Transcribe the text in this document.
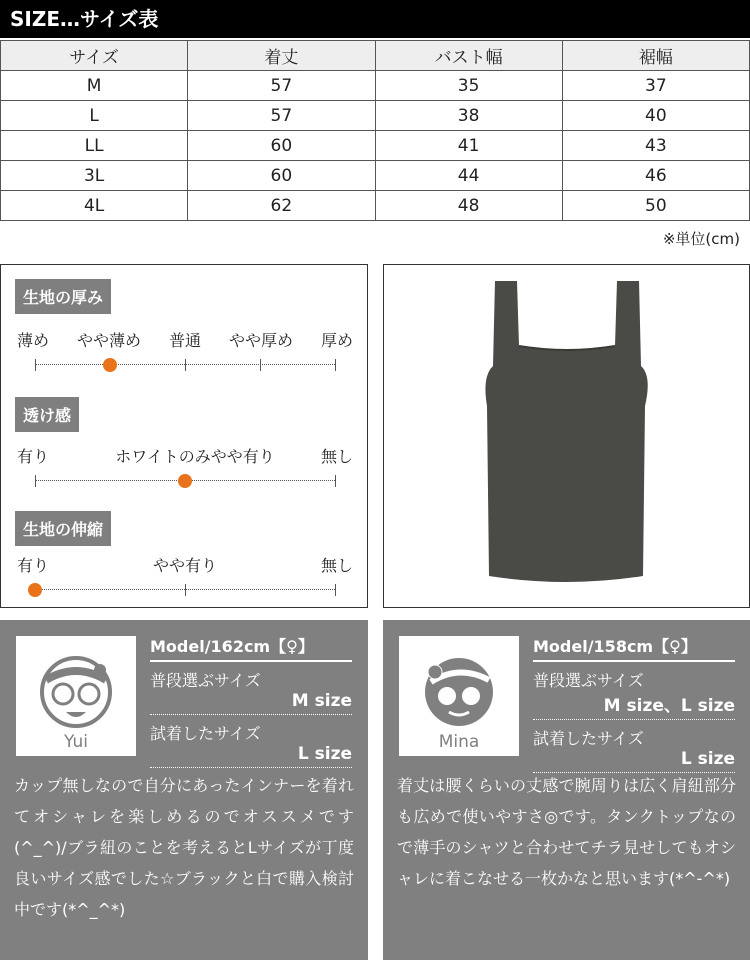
SIZE…サイズ表
サイズ	着丈	バスト幅	裾幅
M	57	35	37
L	57	38	40
LL	60	41	43
3L	60	44	46
4L	62	48	50
※単位(cm)
生地の厚み
薄め やや薄め 普通 やや厚め 厚め
透け感
有り	ホワイトのみやや有り	無し
生地の伸縮
有り	やや有り	無し
Yui
Model/162cm【♀】
普段選ぶサイズ
M size
試着したサイズ
L size
カップ無しなので自分にあったインナーを着れてオシャレを楽しめるのでオススメです(^_^)/ブラ紐のことを考えるとLサイズが丁度良いサイズ感でした☆ブラックと白で購入検討中です(*^_^*)
Mina
Model/158cm【♀】
普段選ぶサイズ
M size、L size
試着したサイズ
L size
着丈は腰くらいの丈感で腕周りは広く肩紐部分も広めで使いやすさ◎です。タンクトップなので薄手のシャツと合わせてチラ見せしてもオシャレに着こなせる一枚かなと思います(*^-^*)
